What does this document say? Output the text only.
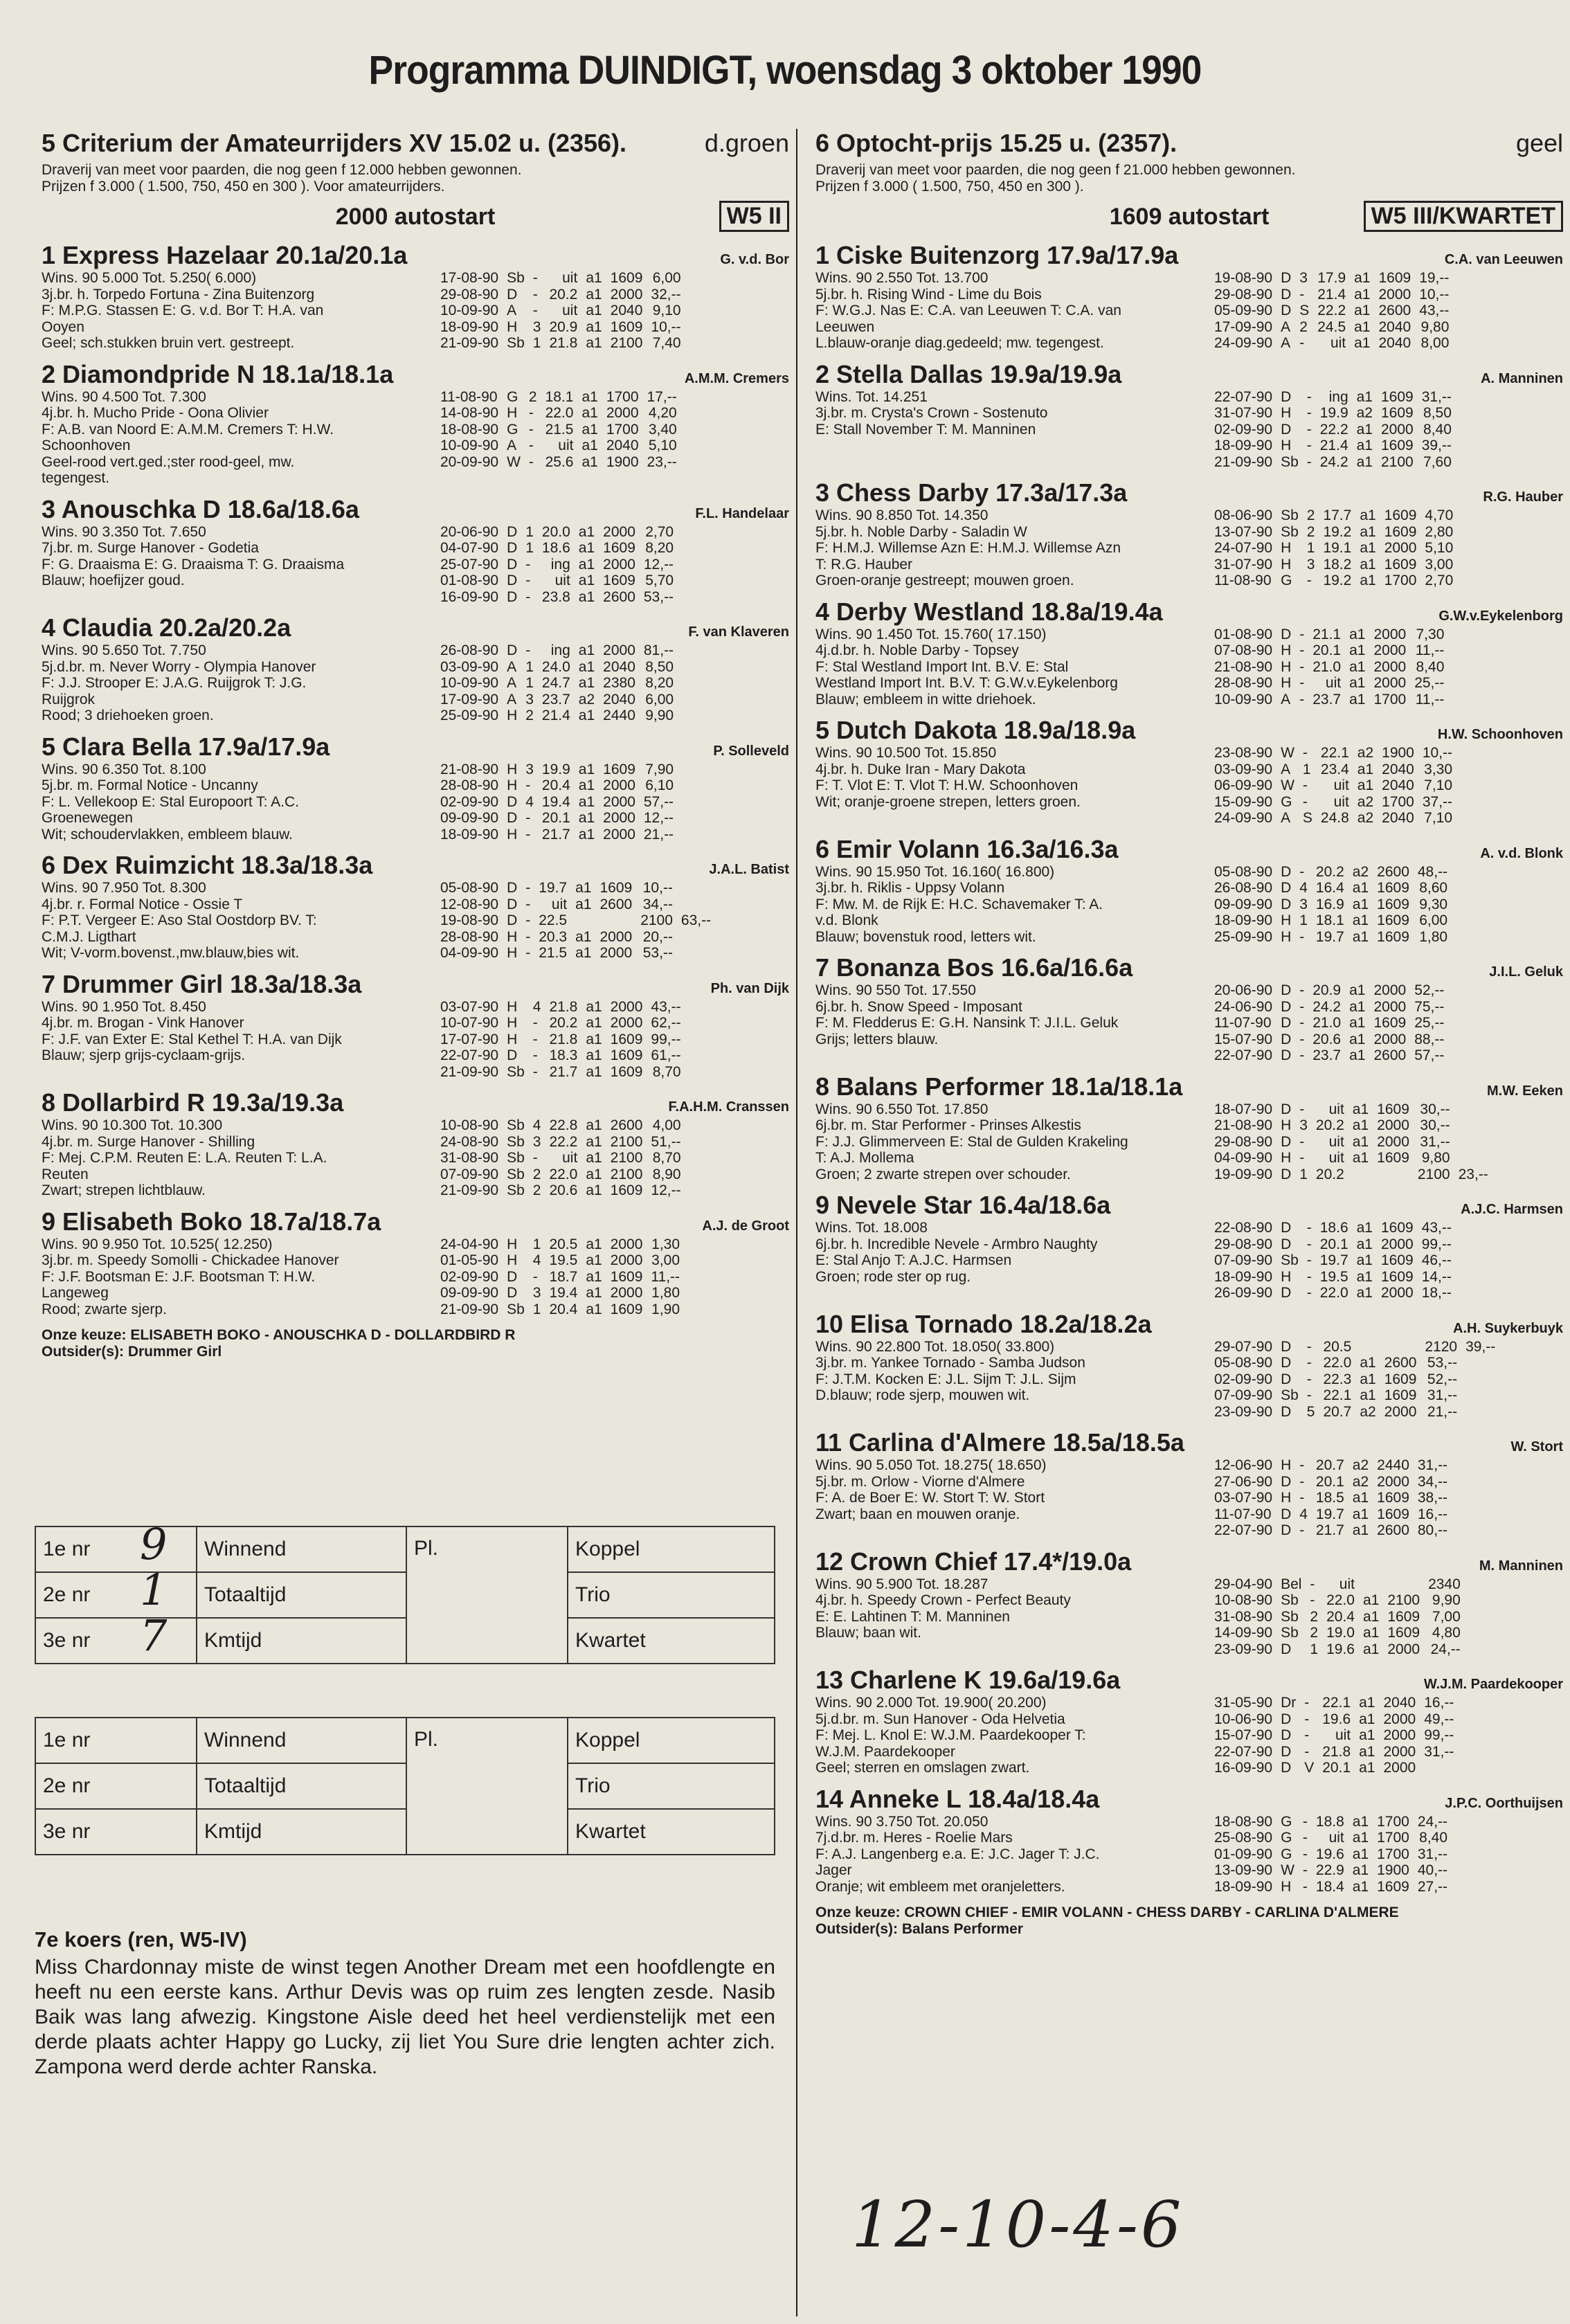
Programma DUINDIGT, woensdag 3 oktober 1990
5 Criterium der Amateurrijders XV 15.02 u. (2356).	d.groen
Draverij van meet voor paarden, die nog geen f 12.000 hebben gewonnen.
Prijzen f 3.000 ( 1.500, 750, 450 en 300 ). Voor amateurrijders.
2000 autostart	W5 II
1 Express Hazelaar 20.1a/20.1a	G. v.d. Bor
Wins. 90 5.000 Tot. 5.250( 6.000)
3j.br. h. Torpedo Fortuna - Zina Buitenzorg
F: M.P.G. Stassen E: G. v.d. Bor T: H.A. van
Ooyen
Geel; sch.stukken bruin vert. gestreept.
17-08-90	Sb	-	uit	a1	1609	6,00
29-08-90	D	-	20.2	a1	2000	32,--
10-09-90	A	-	uit	a1	2040	9,10
18-09-90	H	3	20.9	a1	1609	10,--
21-09-90	Sb	1	21.8	a1	2100	7,40
2 Diamondpride N 18.1a/18.1a	A.M.M. Cremers
Wins. 90 4.500 Tot. 7.300
4j.br. h. Mucho Pride - Oona Olivier
F: A.B. van Noord E: A.M.M. Cremers T: H.W.
Schoonhoven
Geel-rood vert.ged.;ster rood-geel, mw.
tegengest.
11-08-90	G	2	18.1	a1	1700	17,--
14-08-90	H	-	22.0	a1	2000	4,20
18-08-90	G	-	21.5	a1	1700	3,40
10-09-90	A	-	uit	a1	2040	5,10
20-09-90	W	-	25.6	a1	1900	23,--
3 Anouschka D 18.6a/18.6a	F.L. Handelaar
Wins. 90 3.350 Tot. 7.650
7j.br. m. Surge Hanover - Godetia
F: G. Draaisma E: G. Draaisma T: G. Draaisma
Blauw; hoefijzer goud.
20-06-90	D	1	20.0	a1	2000	2,70
04-07-90	D	1	18.6	a1	1609	8,20
25-07-90	D	-	ing	a1	2000	12,--
01-08-90	D	-	uit	a1	1609	5,70
16-09-90	D	-	23.8	a1	2600	53,--
4 Claudia 20.2a/20.2a	F. van Klaveren
Wins. 90 5.650 Tot. 7.750
5j.d.br. m. Never Worry - Olympia Hanover
F: J.J. Strooper E: J.A.G. Ruijgrok T: J.G.
Ruijgrok
Rood; 3 driehoeken groen.
26-08-90	D	-	ing	a1	2000	81,--
03-09-90	A	1	24.0	a1	2040	8,50
10-09-90	A	1	24.7	a1	2380	8,20
17-09-90	A	3	23.7	a2	2040	6,00
25-09-90	H	2	21.4	a1	2440	9,90
5 Clara Bella 17.9a/17.9a	P. Solleveld
Wins. 90 6.350 Tot. 8.100
5j.br. m. Formal Notice - Uncanny
F: L. Vellekoop E: Stal Europoort T: A.C.
Groenewegen
Wit; schoudervlakken, embleem blauw.
21-08-90	H	3	19.9	a1	1609	7,90
28-08-90	H	-	20.4	a1	2000	6,10
02-09-90	D	4	19.4	a1	2000	57,--
09-09-90	D	-	20.1	a1	2000	12,--
18-09-90	H	-	21.7	a1	2000	21,--
6 Dex Ruimzicht 18.3a/18.3a	J.A.L. Batist
Wins. 90 7.950 Tot. 8.300
4j.br. r. Formal Notice - Ossie T
F: P.T. Vergeer E: Aso Stal Oostdorp BV. T:
C.M.J. Ligthart
Wit; V-vorm.bovenst.,mw.blauw,bies wit.
05-08-90	D	-	19.7	a1	1609	10,--	
12-08-90	D	-	uit	a1	2600	34,--	
19-08-90	D	-	22.5			2100	63,--
28-08-90	H	-	20.3	a1	2000	20,--	
04-09-90	H	-	21.5	a1	2000	53,--	
7 Drummer Girl 18.3a/18.3a	Ph. van Dijk
Wins. 90 1.950 Tot. 8.450
4j.br. m. Brogan - Vink Hanover
F: J.F. van Exter E: Stal Kethel T: H.A. van Dijk
Blauw; sjerp grijs-cyclaam-grijs.
03-07-90	H	4	21.8	a1	2000	43,--
10-07-90	H	-	20.2	a1	2000	62,--
17-07-90	H	-	21.8	a1	1609	99,--
22-07-90	D	-	18.3	a1	1609	61,--
21-09-90	Sb	-	21.7	a1	1609	8,70
8 Dollarbird R 19.3a/19.3a	F.A.H.M. Cranssen
Wins. 90 10.300 Tot. 10.300
4j.br. m. Surge Hanover - Shilling
F: Mej. C.P.M. Reuten E: L.A. Reuten T: L.A.
Reuten
Zwart; strepen lichtblauw.
10-08-90	Sb	4	22.8	a1	2600	4,00
24-08-90	Sb	3	22.2	a1	2100	51,--
31-08-90	Sb	-	uit	a1	2100	8,70
07-09-90	Sb	2	22.0	a1	2100	8,90
21-09-90	Sb	2	20.6	a1	1609	12,--
9 Elisabeth Boko 18.7a/18.7a	A.J. de Groot
Wins. 90 9.950 Tot. 10.525( 12.250)
3j.br. m. Speedy Somolli - Chickadee Hanover
F: J.F. Bootsman E: J.F. Bootsman T: H.W.
Langeweg
Rood; zwarte sjerp.
24-04-90	H	1	20.5	a1	2000	1,30
01-05-90	H	4	19.5	a1	2000	3,00
02-09-90	D	-	18.7	a1	1609	11,--
09-09-90	D	3	19.4	a1	2000	1,80
21-09-90	Sb	1	20.4	a1	1609	1,90
Onze keuze: ELISABETH BOKO - ANOUSCHKA D - DOLLARDBIRD R
Outsider(s): Drummer Girl
6 Optocht-prijs 15.25 u. (2357).	geel
Draverij van meet voor paarden, die nog geen f 21.000 hebben gewonnen.
Prijzen f 3.000 ( 1.500, 750, 450 en 300 ).
1609 autostart	W5 III/KWARTET
1 Ciske Buitenzorg 17.9a/17.9a	C.A. van Leeuwen
Wins. 90 2.550 Tot. 13.700
5j.br. h. Rising Wind - Lime du Bois
F: W.G.J. Nas E: C.A. van Leeuwen T: C.A. van
Leeuwen
L.blauw-oranje diag.gedeeld; mw. tegengest.
19-08-90	D	3	17.9	a1	1609	19,--
29-08-90	D	-	21.4	a1	2000	10,--
05-09-90	D	S	22.2	a1	2600	43,--
17-09-90	A	2	24.5	a1	2040	9,80
24-09-90	A	-	uit	a1	2040	8,00
2 Stella Dallas 19.9a/19.9a	A. Manninen
Wins. Tot. 14.251
3j.br. m. Crysta's Crown - Sostenuto
E: Stall November T: M. Manninen
22-07-90	D	-	ing	a1	1609	31,--
31-07-90	H	-	19.9	a2	1609	8,50
02-09-90	D	-	22.2	a1	2000	8,40
18-09-90	H	-	21.4	a1	1609	39,--
21-09-90	Sb	-	24.2	a1	2100	7,60
3 Chess Darby 17.3a/17.3a	R.G. Hauber
Wins. 90 8.850 Tot. 14.350
5j.br. h. Noble Darby - Saladin W
F: H.M.J. Willemse Azn E: H.M.J. Willemse Azn
T: R.G. Hauber
Groen-oranje gestreept; mouwen groen.
08-06-90	Sb	2	17.7	a1	1609	4,70
13-07-90	Sb	2	19.2	a1	1609	2,80
24-07-90	H	1	19.1	a1	2000	5,10
31-07-90	H	3	18.2	a1	1609	3,00
11-08-90	G	-	19.2	a1	1700	2,70
4 Derby Westland 18.8a/19.4a	G.W.v.Eykelenborg
Wins. 90 1.450 Tot. 15.760( 17.150)
4j.d.br. h. Noble Darby - Topsey
F: Stal Westland Import Int. B.V. E: Stal
Westland Import Int. B.V. T: G.W.v.Eykelenborg
Blauw; embleem in witte driehoek.
01-08-90	D	-	21.1	a1	2000	7,30
07-08-90	H	-	20.1	a1	2000	11,--
21-08-90	H	-	21.0	a1	2000	8,40
28-08-90	H	-	uit	a1	2000	25,--
10-09-90	A	-	23.7	a1	1700	11,--
5 Dutch Dakota 18.9a/18.9a	H.W. Schoonhoven
Wins. 90 10.500 Tot. 15.850
4j.br. h. Duke Iran - Mary Dakota
F: T. Vlot E: T. Vlot T: H.W. Schoonhoven
Wit; oranje-groene strepen, letters groen.
23-08-90	W	-	22.1	a2	1900	10,--
03-09-90	A	1	23.4	a1	2040	3,30
06-09-90	W	-	uit	a1	2040	7,10
15-09-90	G	-	uit	a2	1700	37,--
24-09-90	A	S	24.8	a2	2040	7,10
6 Emir Volann 16.3a/16.3a	A. v.d. Blonk
Wins. 90 15.950 Tot. 16.160( 16.800)
3j.br. h. Riklis - Uppsy Volann
F: Mw. M. de Rijk E: H.C. Schavemaker T: A.
v.d. Blonk
Blauw; bovenstuk rood, letters wit.
05-08-90	D	-	20.2	a2	2600	48,--
26-08-90	D	4	16.4	a1	1609	8,60
09-09-90	D	3	16.9	a1	1609	9,30
18-09-90	H	1	18.1	a1	1609	6,00
25-09-90	H	-	19.7	a1	1609	1,80
7 Bonanza Bos 16.6a/16.6a	J.I.L. Geluk
Wins. 90 550 Tot. 17.550
6j.br. h. Snow Speed - Imposant
F: M. Fledderus E: G.H. Nansink T: J.I.L. Geluk
Grijs; letters blauw.
20-06-90	D	-	20.9	a1	2000	52,--
24-06-90	D	-	24.2	a1	2000	75,--
11-07-90	D	-	21.0	a1	1609	25,--
15-07-90	D	-	20.6	a1	2000	88,--
22-07-90	D	-	23.7	a1	2600	57,--
8 Balans Performer 18.1a/18.1a	M.W. Eeken
Wins. 90 6.550 Tot. 17.850
6j.br. m. Star Performer - Prinses Alkestis
F: J.J. Glimmerveen E: Stal de Gulden Krakeling
T: A.J. Mollema
Groen; 2 zwarte strepen over schouder.
18-07-90	D	-	uit	a1	1609	30,--	
21-08-90	H	3	20.2	a1	2000	30,--	
29-08-90	D	-	uit	a1	2000	31,--	
04-09-90	H	-	uit	a1	1609	9,80	
19-09-90	D	1	20.2			2100	23,--
9 Nevele Star 16.4a/18.6a	A.J.C. Harmsen
Wins. Tot. 18.008
6j.br. h. Incredible Nevele - Armbro Naughty
E: Stal Anjo T: A.J.C. Harmsen
Groen; rode ster op rug.
22-08-90	D	-	18.6	a1	1609	43,--
29-08-90	D	-	20.1	a1	2000	99,--
07-09-90	Sb	-	19.7	a1	1609	46,--
18-09-90	H	-	19.5	a1	1609	14,--
26-09-90	D	-	22.0	a1	2000	18,--
10 Elisa Tornado 18.2a/18.2a	A.H. Suykerbuyk
Wins. 90 22.800 Tot. 18.050( 33.800)
3j.br. m. Yankee Tornado - Samba Judson
F: J.T.M. Kocken E: J.L. Sijm T: J.L. Sijm
D.blauw; rode sjerp, mouwen wit.
29-07-90	D	-	20.5			2120	39,--
05-08-90	D	-	22.0	a1	2600	53,--	
02-09-90	D	-	22.3	a1	1609	52,--	
07-09-90	Sb	-	22.1	a1	1609	31,--	
23-09-90	D	5	20.7	a2	2000	21,--	
11 Carlina d'Almere 18.5a/18.5a	W. Stort
Wins. 90 5.050 Tot. 18.275( 18.650)
5j.br. m. Orlow - Viorne d'Almere
F: A. de Boer E: W. Stort T: W. Stort
Zwart; baan en mouwen oranje.
12-06-90	H	-	20.7	a2	2440	31,--
27-06-90	D	-	20.1	a2	2000	34,--
03-07-90	H	-	18.5	a1	1609	38,--
11-07-90	D	4	19.7	a1	1609	16,--
22-07-90	D	-	21.7	a1	2600	80,--
12 Crown Chief 17.4*/19.0a	M. Manninen
Wins. 90 5.900 Tot. 18.287
4j.br. h. Speedy Crown - Perfect Beauty
E: E. Lahtinen T: M. Manninen
Blauw; baan wit.
29-04-90	Bel	-	uit			2340	
10-08-90	Sb	-	22.0	a1	2100	9,90	
31-08-90	Sb	2	20.4	a1	1609	7,00	
14-09-90	Sb	2	19.0	a1	1609	4,80	
23-09-90	D	1	19.6	a1	2000	24,--	
13 Charlene K 19.6a/19.6a	W.J.M. Paardekooper
Wins. 90 2.000 Tot. 19.900( 20.200)
5j.d.br. m. Sun Hanover - Oda Helvetia
F: Mej. L. Knol E: W.J.M. Paardekooper T:
W.J.M. Paardekooper
Geel; sterren en omslagen zwart.
31-05-90	Dr	-	22.1	a1	2040	16,--
10-06-90	D	-	19.6	a1	2000	49,--
15-07-90	D	-	uit	a1	2000	99,--
22-07-90	D	-	21.8	a1	2000	31,--
16-09-90	D	V	20.1	a1	2000	
14 Anneke L 18.4a/18.4a	J.P.C. Oorthuijsen
Wins. 90 3.750 Tot. 20.050
7j.d.br. m. Heres - Roelie Mars
F: A.J. Langenberg e.a. E: J.C. Jager T: J.C.
Jager
Oranje; wit embleem met oranjeletters.
18-08-90	G	-	18.8	a1	1700	24,--
25-08-90	G	-	uit	a1	1700	8,40
01-09-90	G	-	19.6	a1	1700	31,--
13-09-90	W	-	22.9	a1	1900	40,--
18-09-90	H	-	18.4	a1	1609	27,--
Onze keuze: CROWN CHIEF - EMIR VOLANN - CHESS DARBY - CARLINA D'ALMERE
Outsider(s): Balans Performer
1e nr 9	Winnend	Pl.	Koppel
2e nr 1	Totaaltijd		Trio
3e nr 7	Kmtijd		Kwartet
1e nr	Winnend	Pl.	Koppel
2e nr	Totaaltijd		Trio
3e nr	Kmtijd		Kwartet
7e koers (ren, W5-IV)

Miss Chardonnay miste de winst tegen Another Dream met een hoofdlengte en heeft nu een eerste kans. Arthur Devis was op ruim zes lengten zesde. Nasib Baik was lang afwezig. Kingstone Aisle deed het heel verdienstelijk met een derde plaats achter Happy go Lucky, zij liet You Sure drie lengten achter zich. Zampona werd derde achter Ranska.

12-10-4-6
